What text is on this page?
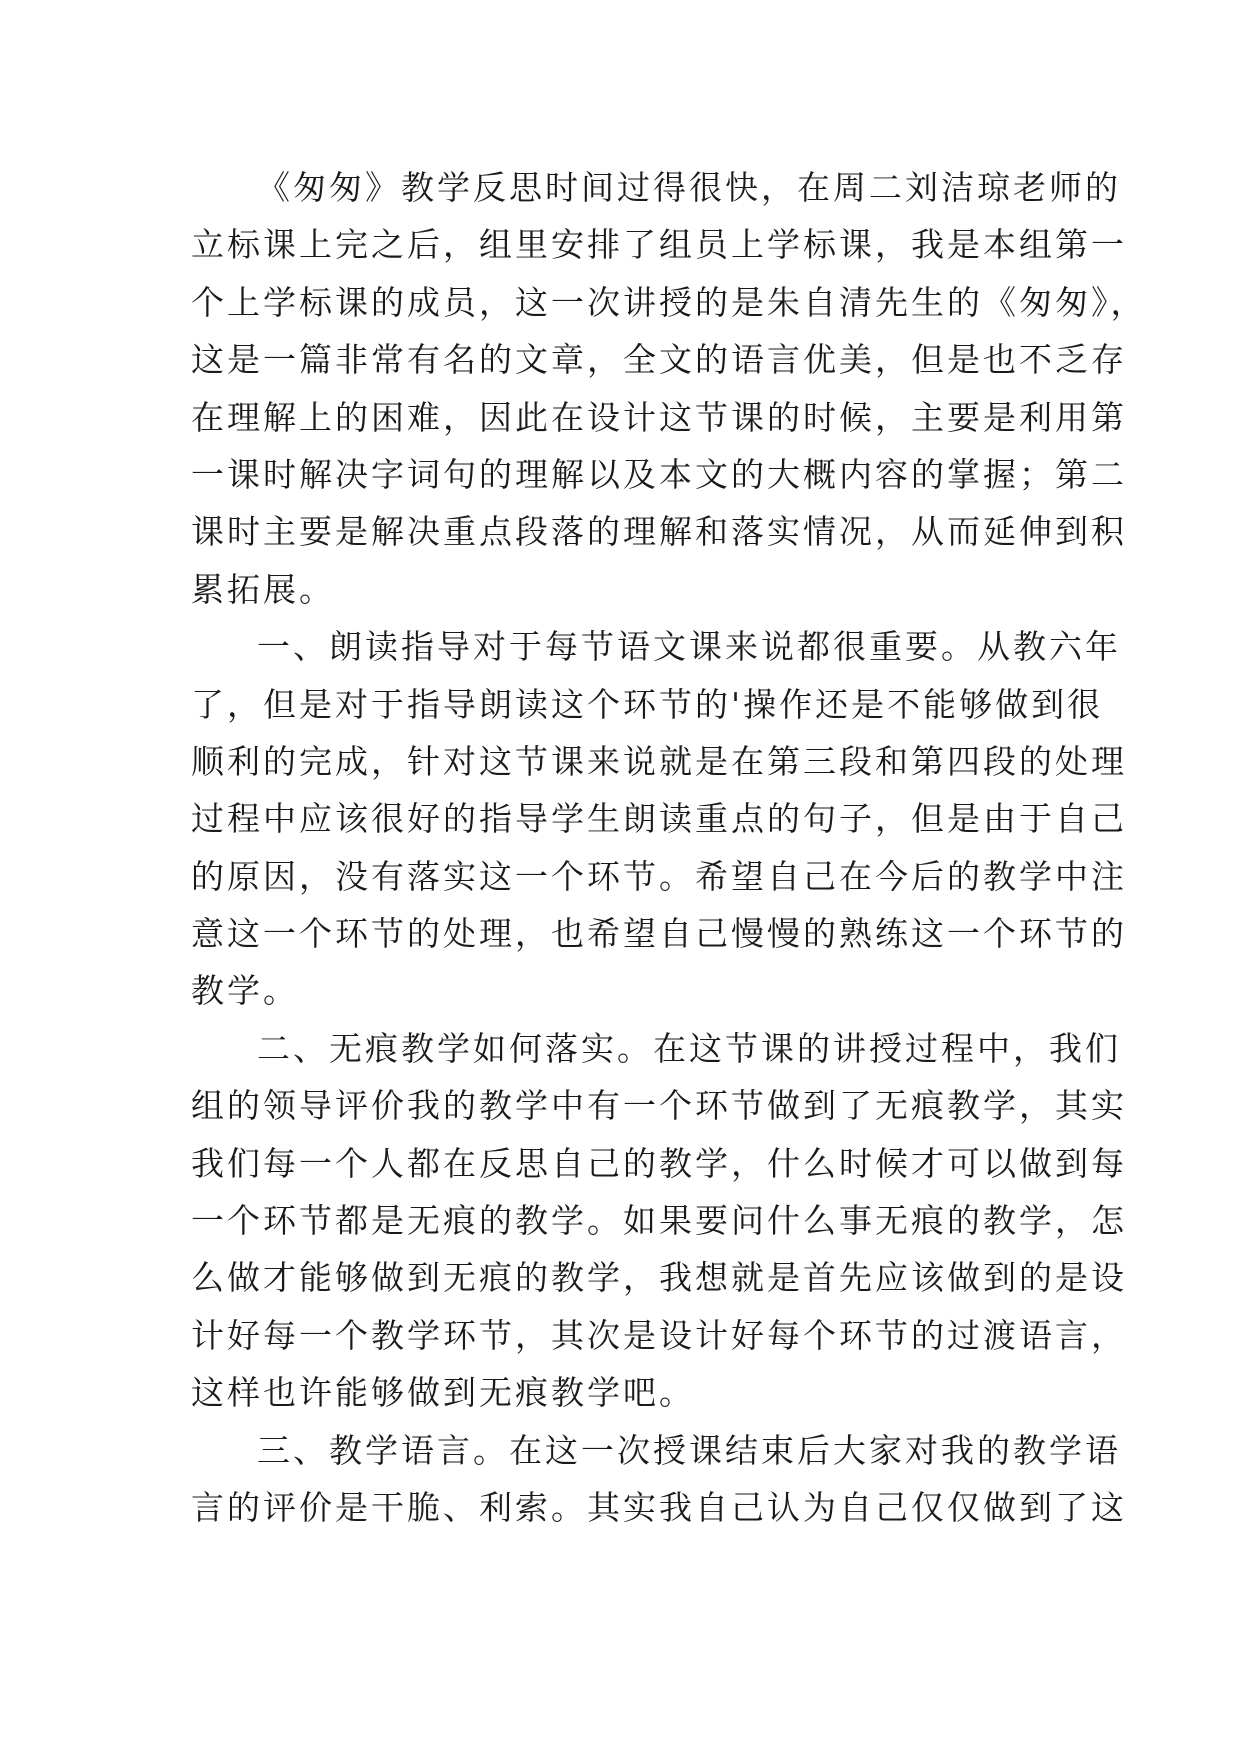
《匆匆》教学反思时间过得很快，在周二刘洁琼老师的
立标课上完之后，组里安排了组员上学标课，我是本组第一
个上学标课的成员，这一次讲授的是朱自清先生的《匆匆》，
这是一篇非常有名的文章，全文的语言优美，但是也不乏存
在理解上的困难，因此在设计这节课的时候，主要是利用第
一课时解决字词句的理解以及本文的大概内容的掌握；第二
课时主要是解决重点段落的理解和落实情况，从而延伸到积
累拓展。
一、朗读指导对于每节语文课来说都很重要。从教六年
了，但是对于指导朗读这个环节的'操作还是不能够做到很
顺利的完成，针对这节课来说就是在第三段和第四段的处理
过程中应该很好的指导学生朗读重点的句子，但是由于自己
的原因，没有落实这一个环节。希望自己在今后的教学中注
意这一个环节的处理，也希望自己慢慢的熟练这一个环节的
教学。
二、无痕教学如何落实。在这节课的讲授过程中，我们
组的领导评价我的教学中有一个环节做到了无痕教学，其实
我们每一个人都在反思自己的教学，什么时候才可以做到每
一个环节都是无痕的教学。如果要问什么事无痕的教学，怎
么做才能够做到无痕的教学，我想就是首先应该做到的是设
计好每一个教学环节，其次是设计好每个环节的过渡语言，
这样也许能够做到无痕教学吧。
三、教学语言。在这一次授课结束后大家对我的教学语
言的评价是干脆、利索。其实我自己认为自己仅仅做到了这
